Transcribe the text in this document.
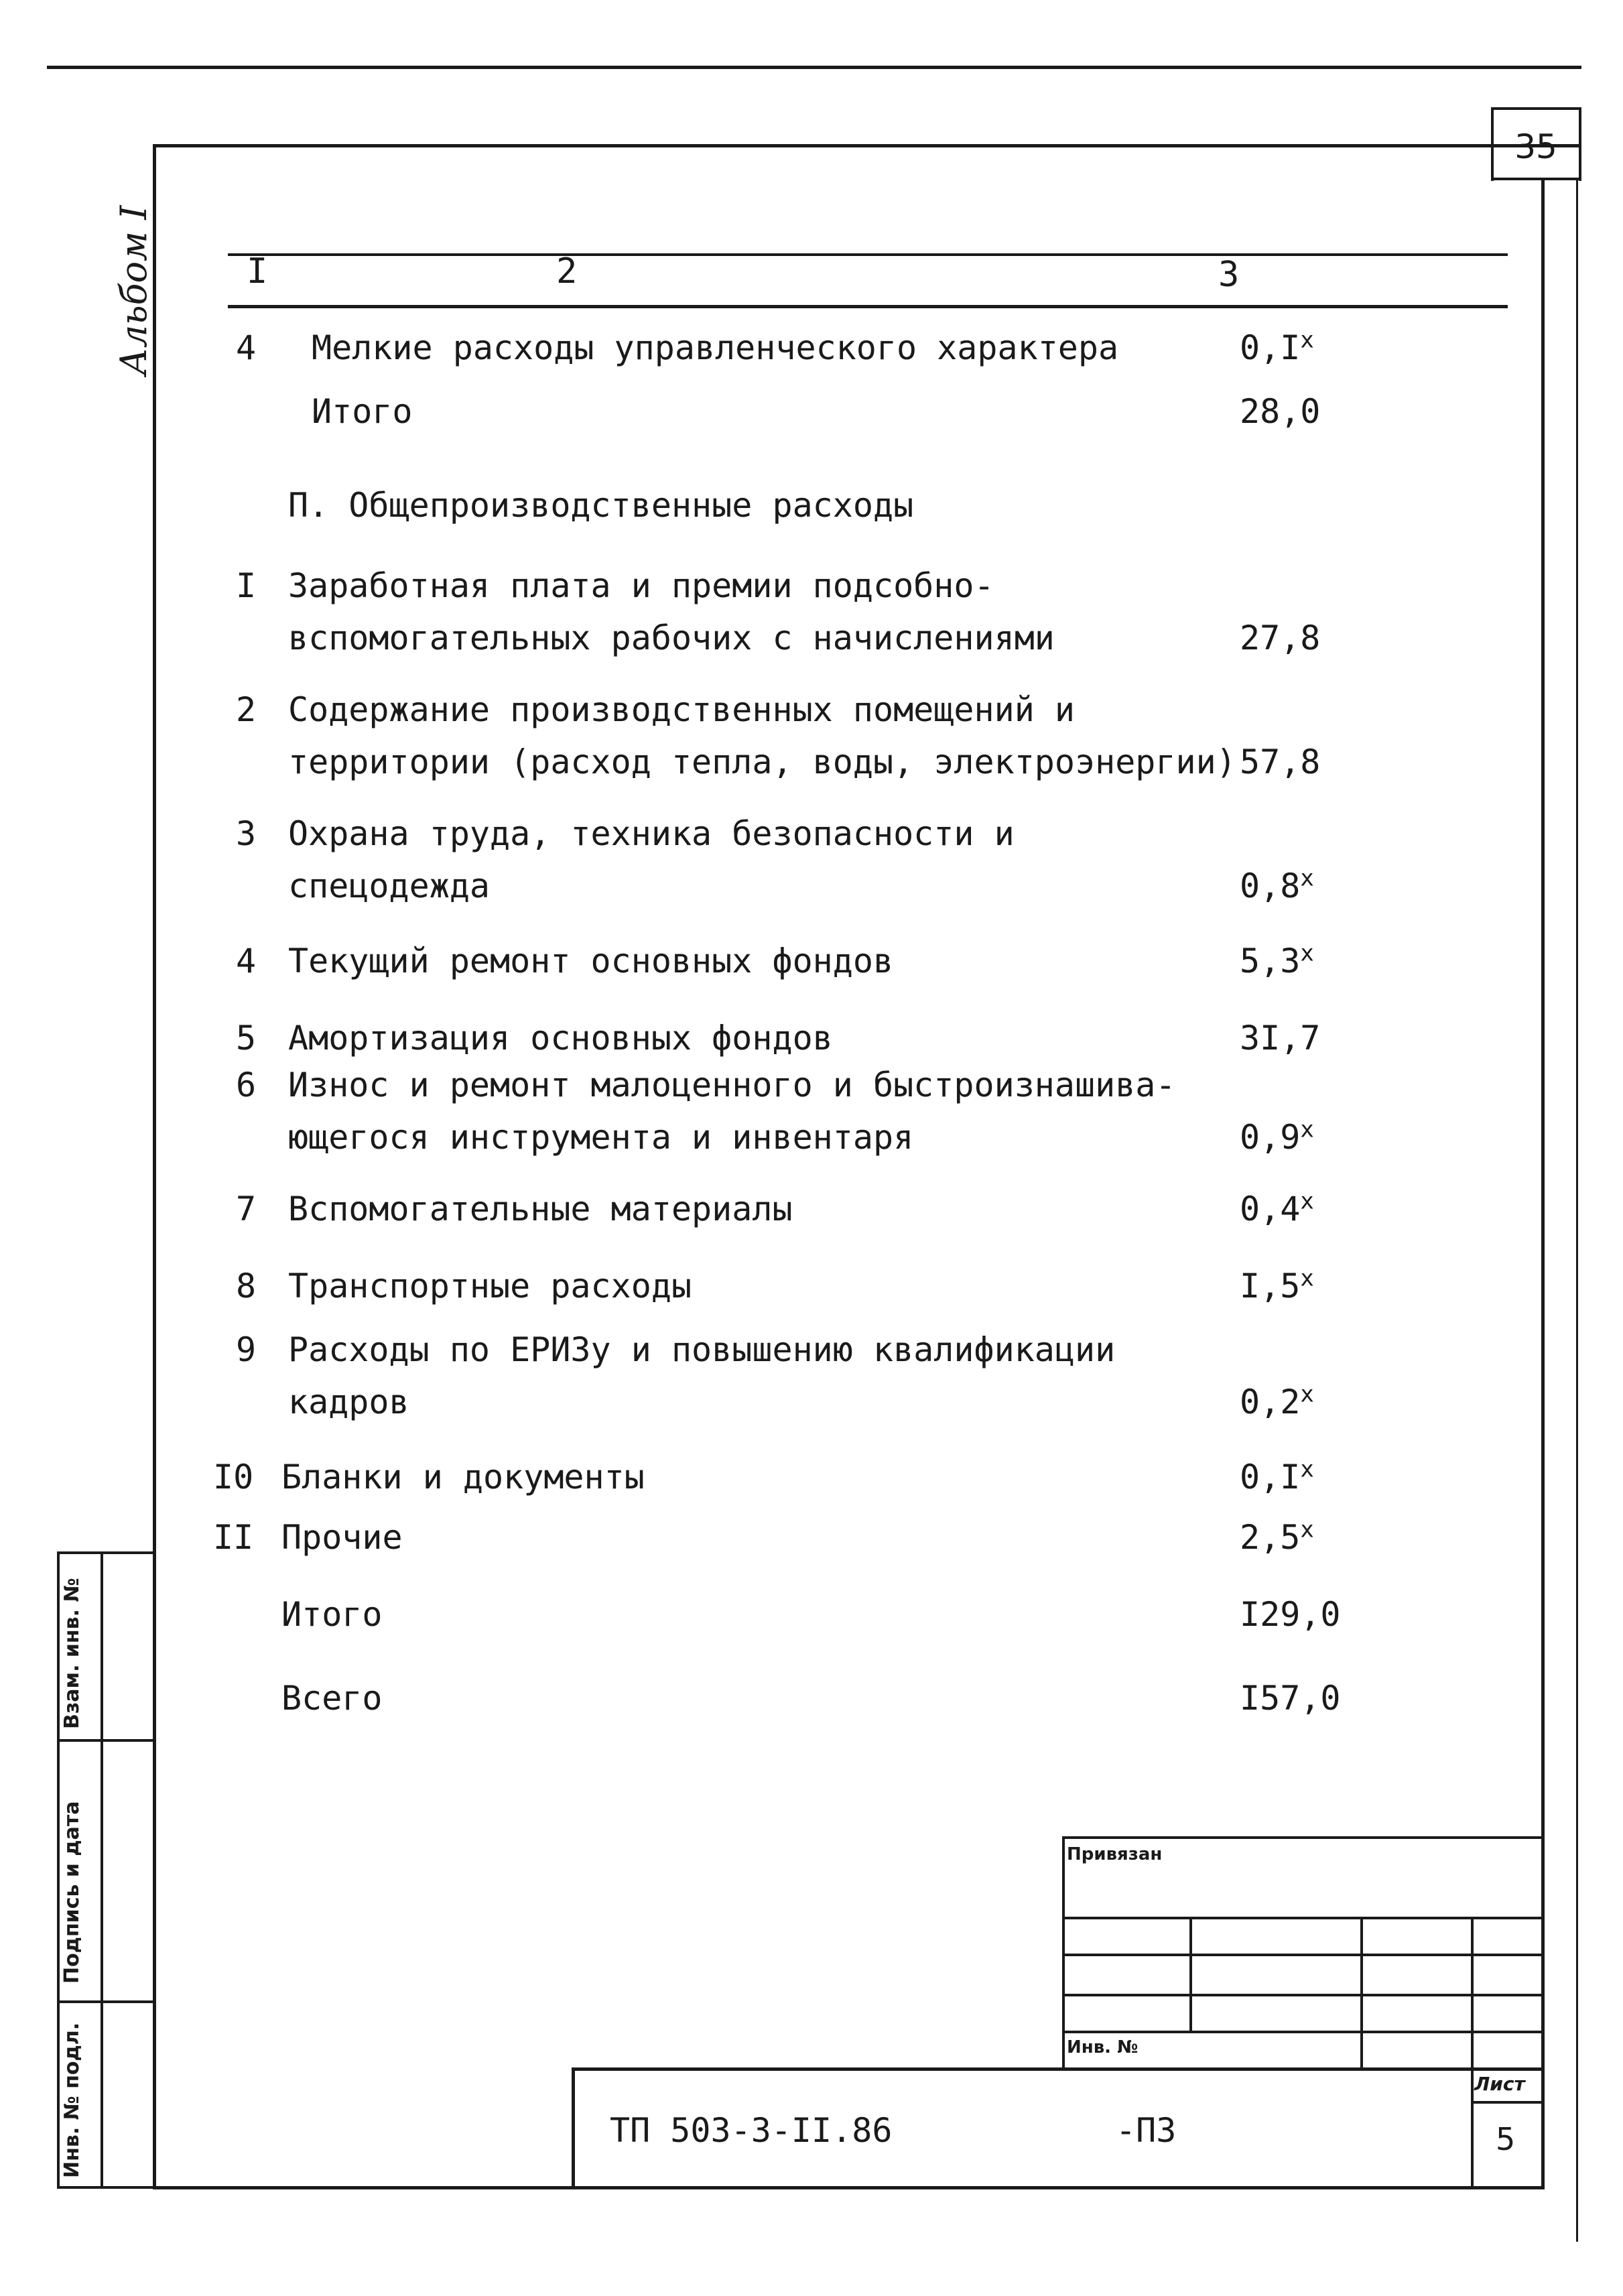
35
Альбом I	I	2	3
4	Мелкие расходы управленческого характера	$0,I^x$
Итого	28,0
П. Общепроизводственные расходы
I Заработная плата и премии подсобно-
вспомогательных рабочих с начислениями	27,8
2 Содержание производственных помещений и
территории (расход тепла, воды, электроэнергии) 57,8
3 Охрана труда, техника безопасности и
спецодежда	0,8$^x$
4 Текущий ремонт основных фондов	5,3$^x$
5 Амортизация основных фондов	3I,7
6 Износ и ремонт малоценного и быстроизнашива-
ющегося инструмента и инвентаря	0,9$^x$
7 Вспомогательные материалы	0,4$^x$
8 Транспортные расходы	I,5$^x$
9 Расходы по ЕРИЗу и повышению квалификации
кадров	0,2$^x$
I0 Бланки и документы	$0,I^x$
II Прочие	2,5$^x$
Итого	I29,0
Всего	I57,0
Привязан
Инв. №
ТП 503-3-II.86	-ПЗ
Лист
5
Взам. инв. №
Подпись и дата
Инв. № подл.
